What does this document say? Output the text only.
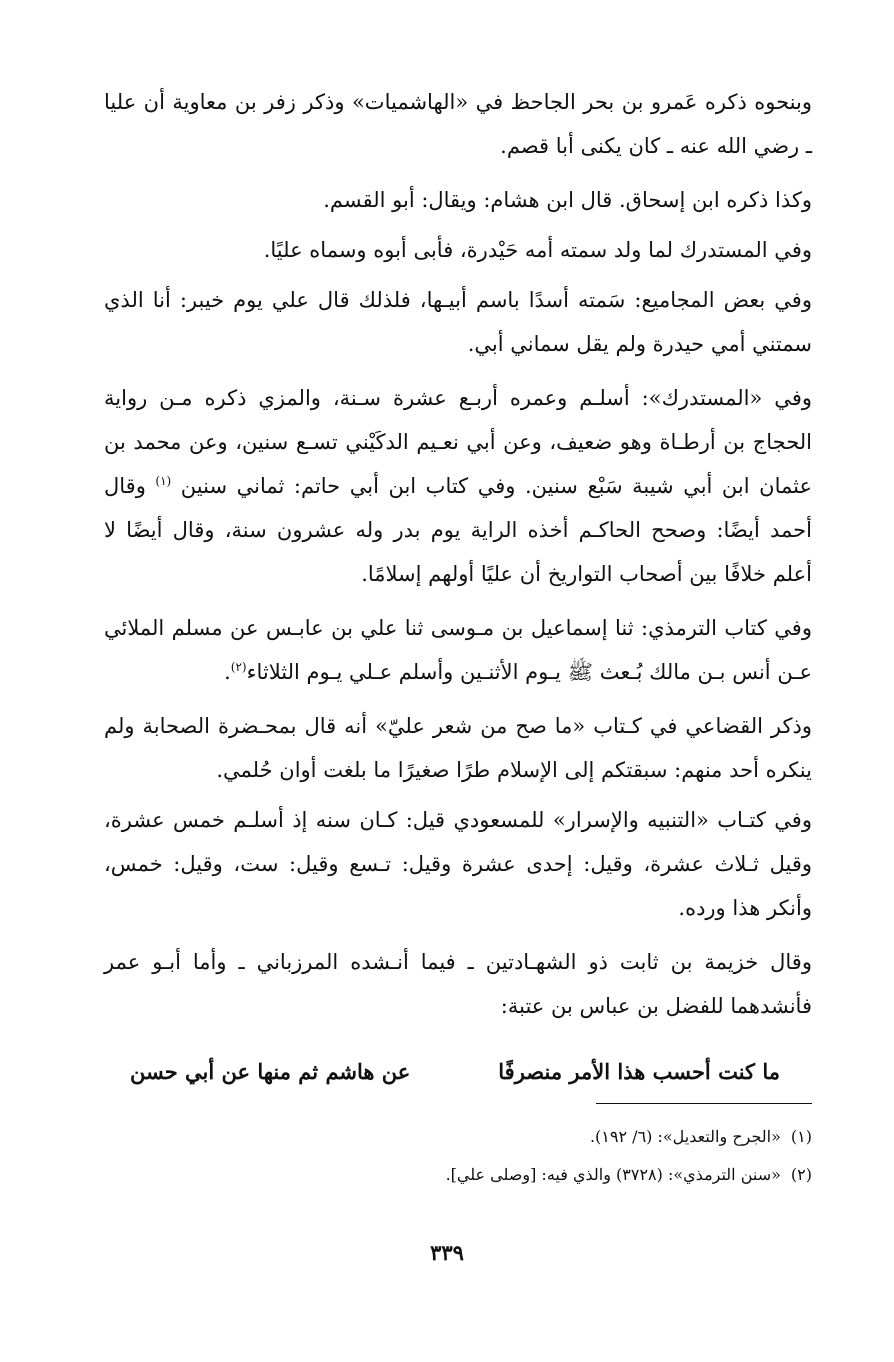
وبنحوه ذكره عَمرو بن بحر الجاحظ في «الهاشميات» وذكر زفر بن معاوية أن عليا ـ رضي الله عنه ـ كان يكنى أبا قصم.

وكذا ذكره ابن إسحاق. قال ابن هشام: ويقال: أبو القسم.

وفي المستدرك لما ولد سمته أمه حَيْدرة، فأبى أبوه وسماه عليًا.

وفي بعض المجاميع: سَمته أسدًا باسم أبيـها، فلذلك قال علي يوم خيبر: أنا الذي سمتني أمي حيدرة ولم يقل سماني أبي.

وفي «المستدرك»: أسلـم وعمره أربـع عشرة سـنة، والمزي ذكره مـن رواية الحجاج بن أرطـاة وهو ضعيف، وعن أبي نعـيم الدكَيْني تسـع سنين، وعن محمد بن عثمان ابن أبي شيبة سَبْع سنين. وفي كتاب ابن أبي حاتم: ثماني سنين $^{(١)}$ وقال أحمد أيضًا: وصحح الحاكـم أخذه الراية يوم بدر وله عشرون سنة، وقال أيضًا لا أعلم خلافًا بين أصحاب التواريخ أن عليًا أولهم إسلامًا.

وفي كتاب الترمذي: ثنا إسماعيل بن مـوسى ثنا علي بن عابـس عن مسلم الملائي عـن أنس بـن مالك بُـعث ﷺ يـوم الأثنـين وأسلم عـلي يـوم الثلاثاء$^{(٢)}$.

وذكر القضاعي في كـتاب «ما صح من شعر عليّ» أنه قال بمحـضرة الصحابة ولم ينكره أحد منهم: سبقتكم إلى الإسلام طرًا صغيرًا ما بلغت أوان حُلمي.

وفي كتـاب «التنبيه والإسرار» للمسعودي قيل: كـان سنه إذ أسلـم خمس عشرة، وقيل ثـلاث عشرة، وقيل: إحدى عشرة وقيل: تـسع وقيل: ست، وقيل: خمس، وأنكر هذا ورده.

وقال خزيمة بن ثابت ذو الشهـادتين ـ فيما أنـشده المرزباني ـ وأما أبـو عمر فأنشدهما للفضل بن عباس بن عتبة:

ما كنت أحسب هذا الأمر منصرفًا
عن هاشم ثم منها عن أبي حسن

(١)«الجرح والتعديل»: (٦/ ١٩٢).

(٢)«سنن الترمذي»: (٣٧٢٨) والذي فيه: [وصلى علي].

٣٣٩
